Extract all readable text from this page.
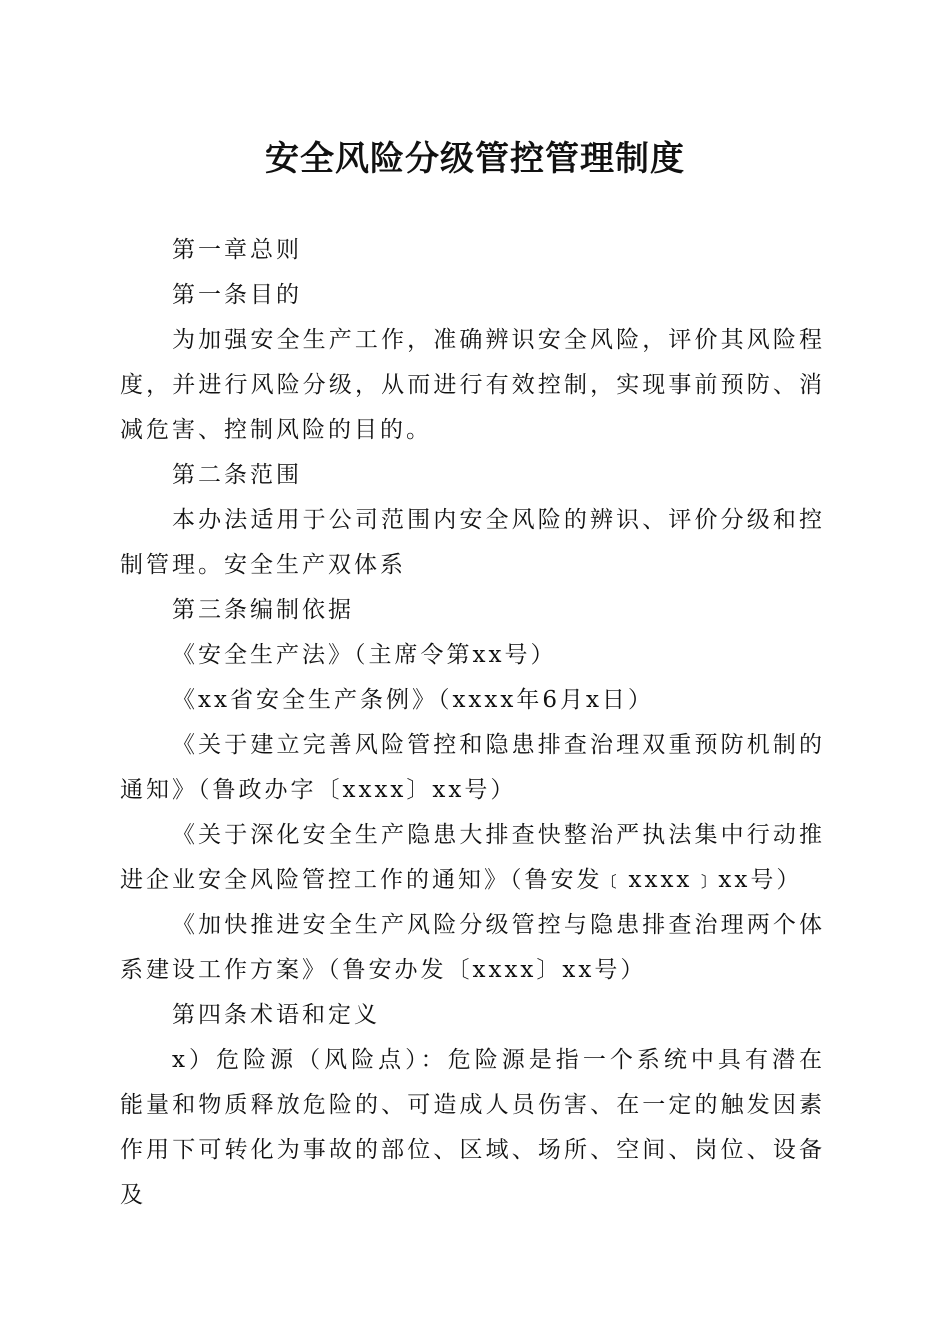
安全风险分级管控管理制度

第一章总则

第一条目的

为加强安全生产工作，准确辨识安全风险，评价其风险程度，并进行风险分级，从而进行有效控制，实现事前预防、消减危害、控制风险的目的。

第二条范围

本办法适用于公司范围内安全风险的辨识、评价分级和控制管理。安全生产双体系

第三条编制依据

《安全生产法》（主席令第xx号）

《xx省安全生产条例》（xxxx年6月x日）

《关于建立完善风险管控和隐患排查治理双重预防机制的通知》（鲁政办字〔xxxx〕xx号）

《关于深化安全生产隐患大排查快整治严执法集中行动推进企业安全风险管控工作的通知》（鲁安发﹝xxxx﹞xx号）

《加快推进安全生产风险分级管控与隐患排查治理两个体系建设工作方案》（鲁安办发〔xxxx〕xx号）

第四条术语和定义

x）危险源（风险点）：危险源是指一个系统中具有潜在能量和物质释放危险的、可造成人员伤害、在一定的触发因素作用下可转化为事故的部位、区域、场所、空间、岗位、设备及
